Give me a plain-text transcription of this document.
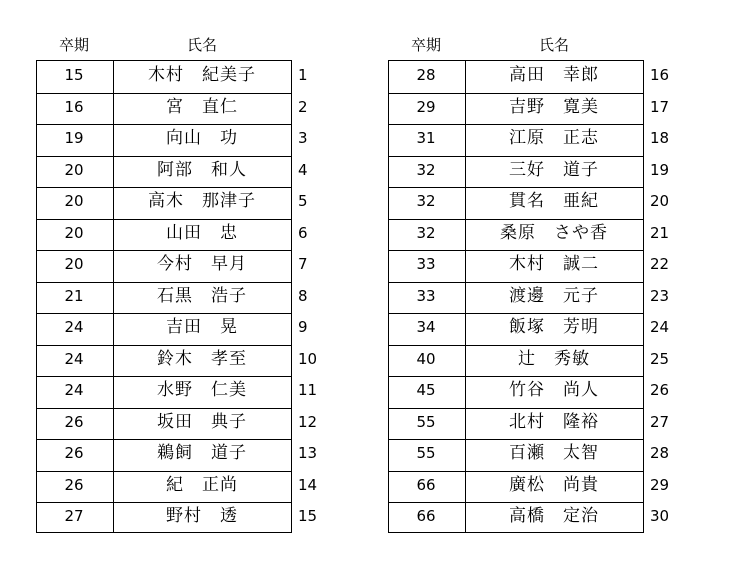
卒期	氏名
15	木村　紀美子	1
16	宮　直仁	2
19	向山　功	3
20	阿部　和人	4
20	高木　那津子	5
20	山田　忠	6
20	今村　早月	7
21	石黒　浩子	8
24	吉田　晃	9
24	鈴木　孝至	10
24	水野　仁美	11
26	坂田　典子	12
26	鵜飼　道子	13
26	紀　正尚	14
27	野村　透	15
卒期	氏名
28	高田　幸郎	16
29	吉野　寛美	17
31	江原　正志	18
32	三好　道子	19
32	貫名　亜紀	20
32	桑原　さや香	21
33	木村　誠二	22
33	渡邊　元子	23
34	飯塚　芳明	24
40	辻　秀敏	25
45	竹谷　尚人	26
55	北村　隆裕	27
55	百瀬　太智	28
66	廣松　尚貴	29
66	高橋　定治	30
